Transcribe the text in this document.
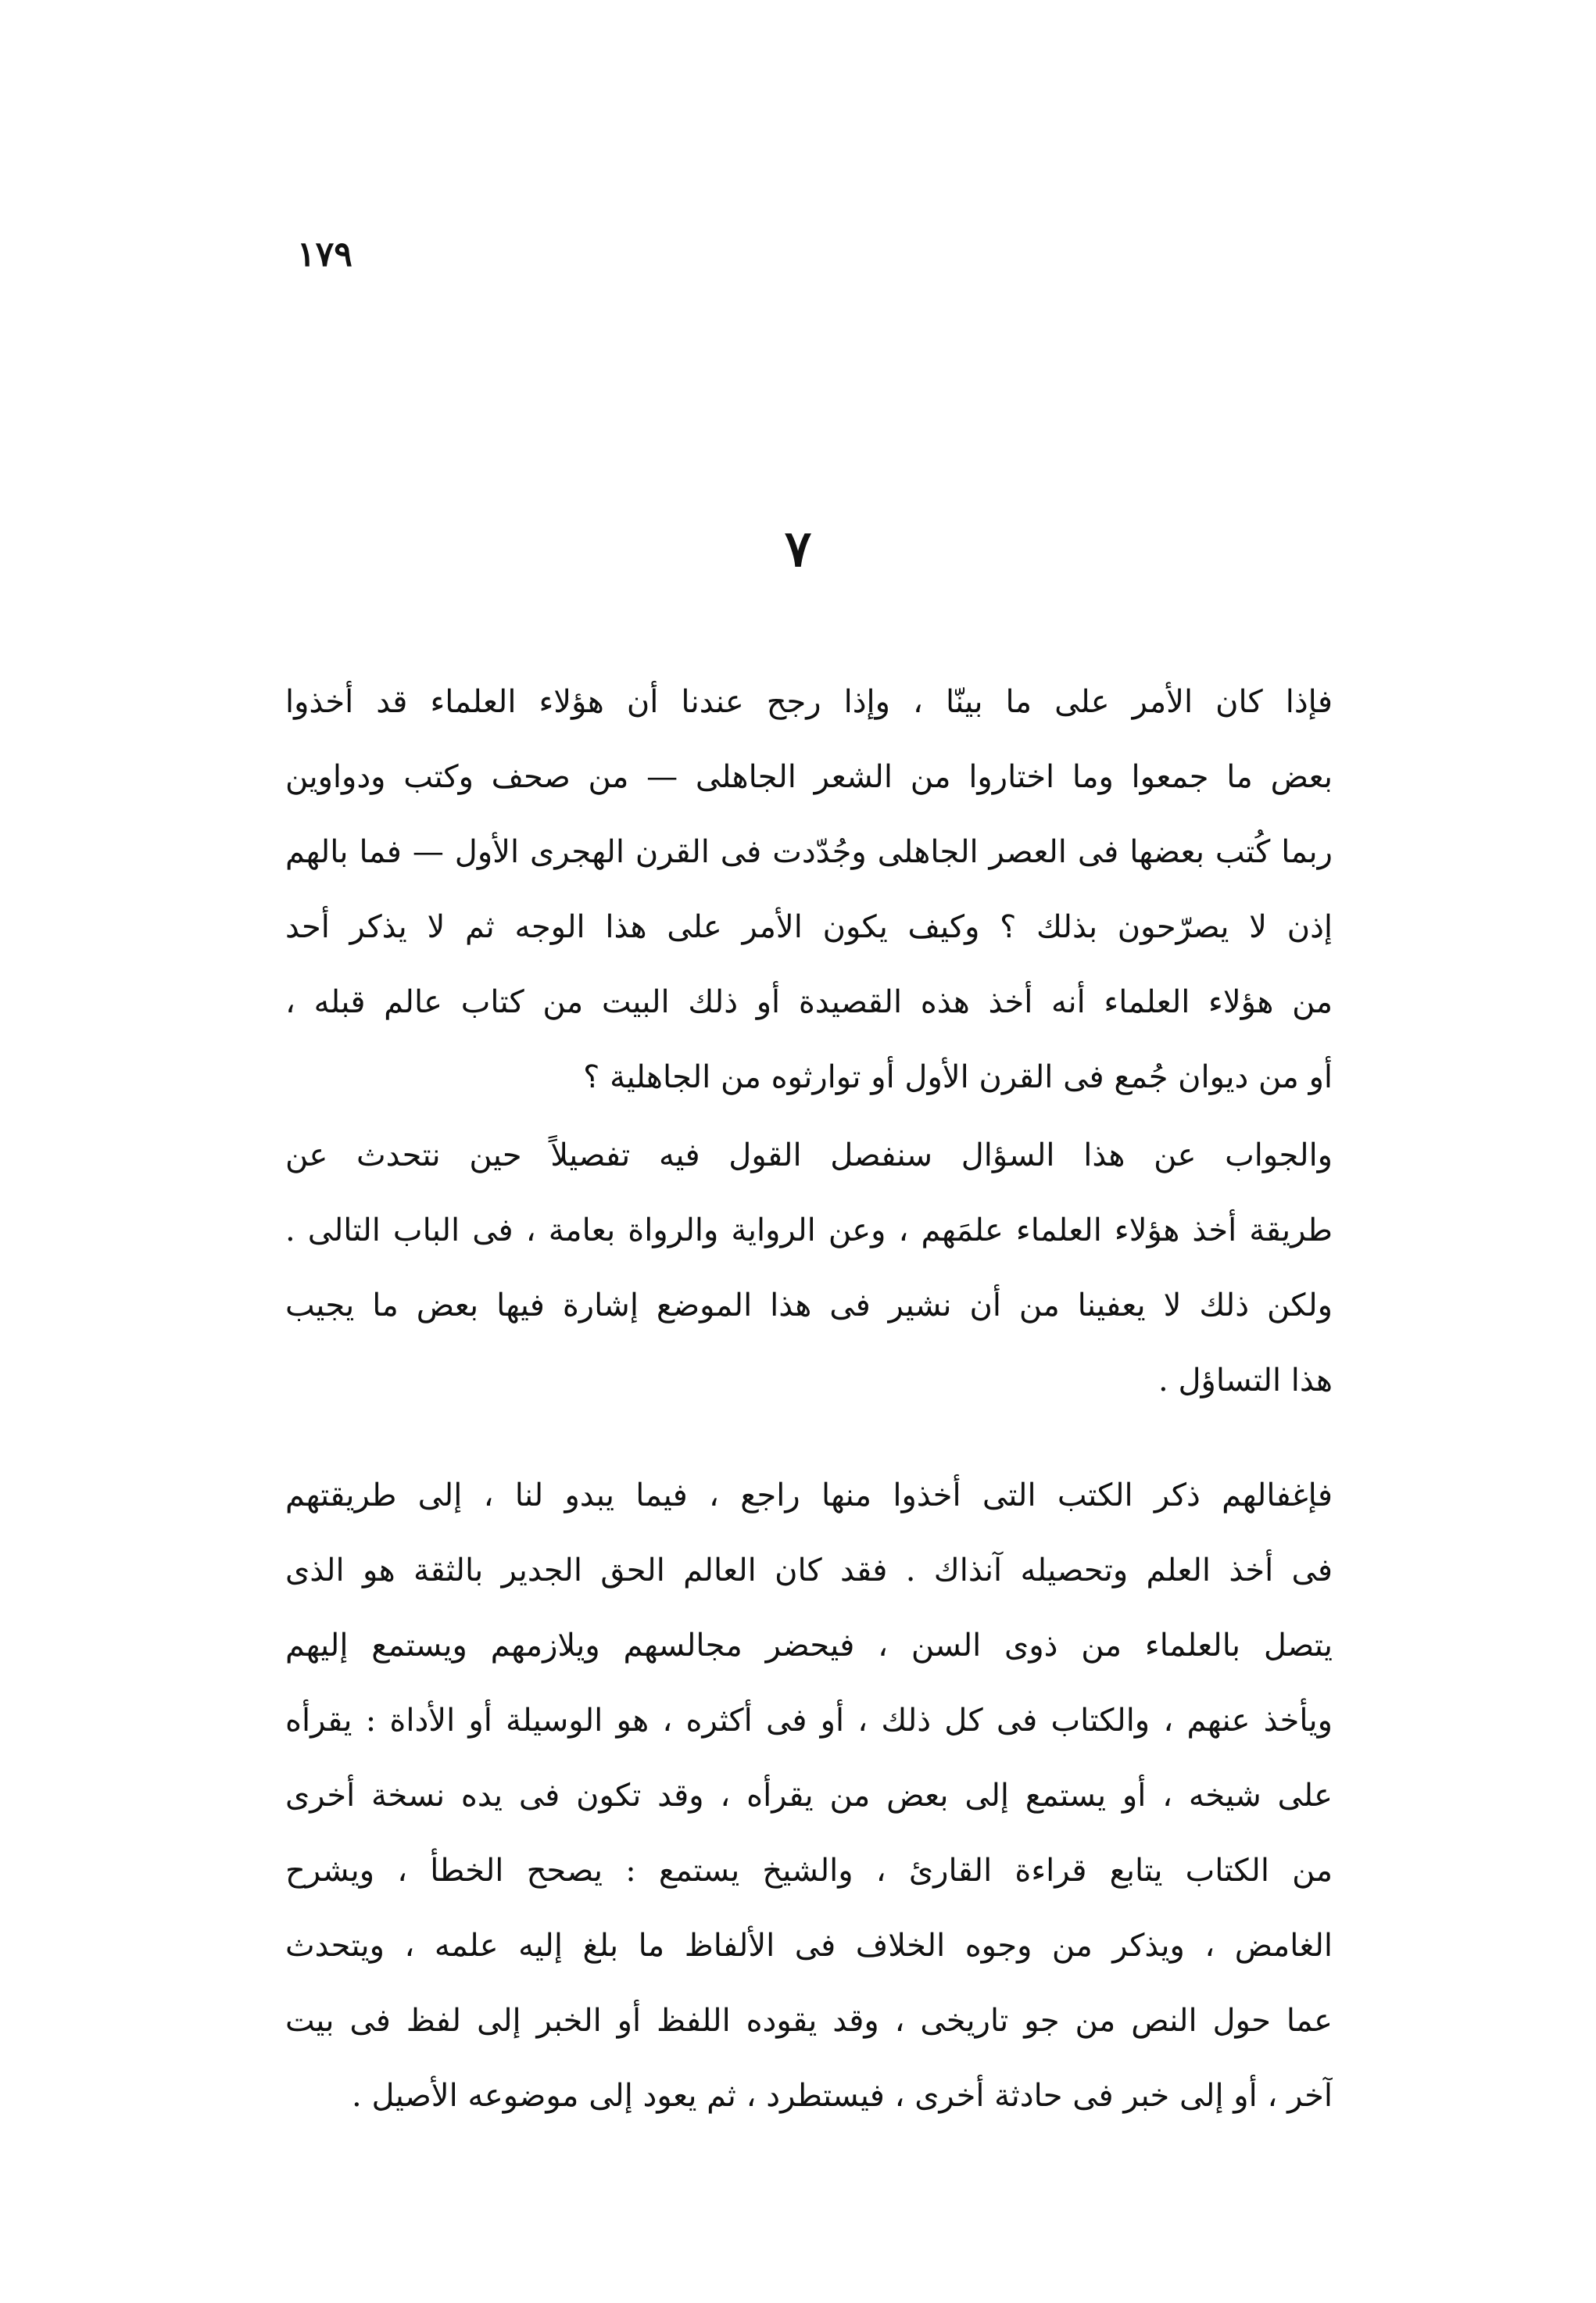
١٧٩
٧

فإذا كان الأمر على ما بينّا ، وإذا رجح عندنا أن هؤلاء العلماء قد أخذوا
بعض ما جمعوا وما اختاروا من الشعر الجاهلى — من صحف وكتب ودواوين
ربما كُتب بعضها فى العصر الجاهلى وجُدّدت فى القرن الهجرى الأول — فما بالهم
إذن لا يصرّحون بذلك ؟ وكيف يكون الأمر على هذا الوجه ثم لا يذكر أحد
من هؤلاء العلماء أنه أخذ هذه القصيدة أو ذلك البيت من كتاب عالم قبله ،
أو من ديوان جُمع فى القرن الأول أو توارثوه من الجاهلية ؟

والجواب عن هذا السؤال سنفصل القول فيه تفصيلاً حين نتحدث عن
طريقة أخذ هؤلاء العلماء علمَهم ، وعن الرواية والرواة بعامة ، فى الباب التالى .
ولكن ذلك لا يعفينا من أن نشير فى هذا الموضع إشارة فيها بعض ما يجيب
هذا التساؤل .

فإغفالهم ذكر الكتب التى أخذوا منها راجع ، فيما يبدو لنا ، إلى طريقتهم
فى أخذ العلم وتحصيله آنذاك . فقد كان العالم الحق الجدير بالثقة هو الذى
يتصل بالعلماء من ذوى السن ، فيحضر مجالسهم ويلازمهم ويستمع إليهم
ويأخذ عنهم ، والكتاب فى كل ذلك ، أو فى أكثره ، هو الوسيلة أو الأداة : يقرأه
على شيخه ، أو يستمع إلى بعض من يقرأه ، وقد تكون فى يده نسخة أخرى
من الكتاب يتابع قراءة القارئ ، والشيخ يستمع : يصحح الخطأ ، ويشرح
الغامض ، ويذكر من وجوه الخلاف فى الألفاظ ما بلغ إليه علمه ، ويتحدث
عما حول النص من جو تاريخى ، وقد يقوده اللفظ أو الخبر إلى لفظ فى بيت
آخر ، أو إلى خبر فى حادثة أخرى ، فيستطرد ، ثم يعود إلى موضوعه الأصيل .
